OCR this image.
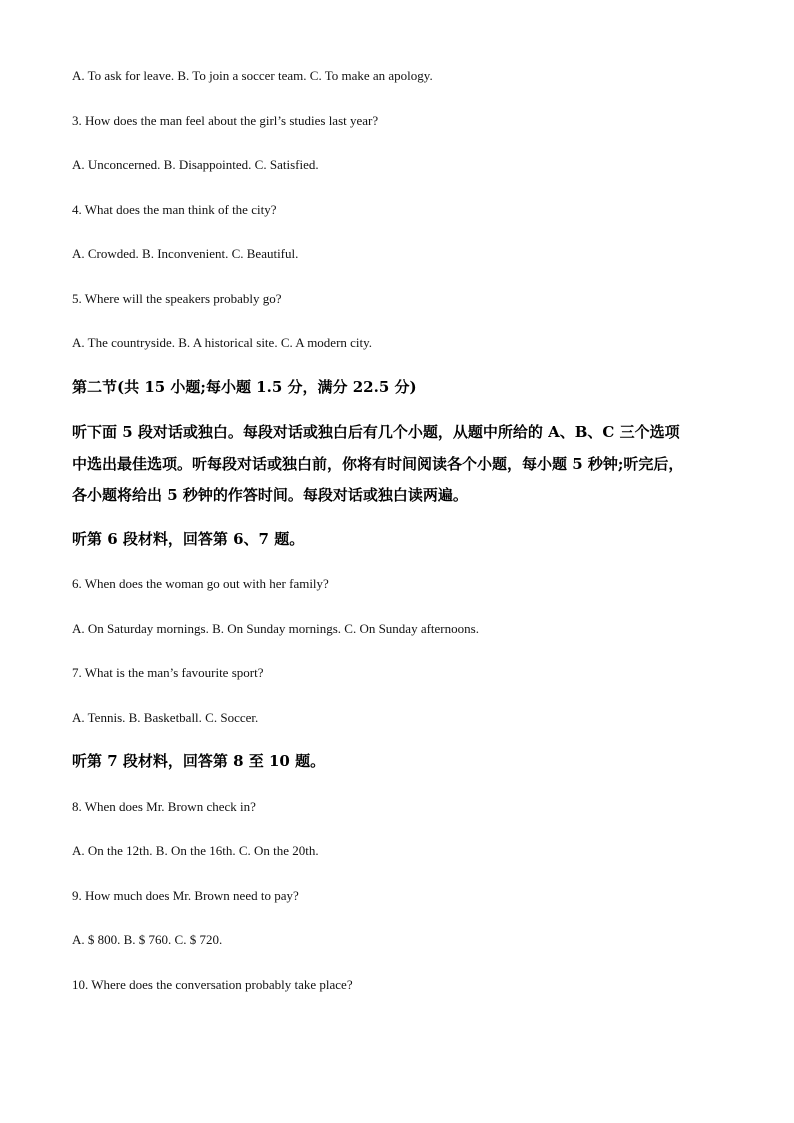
A. To ask for leave. B. To join a soccer team. C. To make an apology.

3. How does the man feel about the girl’s studies last year?

A. Unconcerned. B. Disappointed. C. Satisfied.

4. What does the man think of the city?

A. Crowded. B. Inconvenient. C. Beautiful.

5. Where will the speakers probably go?

A. The countryside. B. A historical site. C. A modern city.

第二节(共 15 小题;每小题 1.5 分，满分 22.5 分)

听下面 5 段对话或独白。每段对话或独白后有几个小题，从题中所给的 A、B、C 三个选项

中选出最佳选项。听每段对话或独白前，你将有时间阅读各个小题，每小题 5 秒钟;听完后，

各小题将给出 5 秒钟的作答时间。每段对话或独白读两遍。

听第 6 段材料，回答第 6、7 题。

6. When does the woman go out with her family?

A. On Saturday mornings. B. On Sunday mornings. C. On Sunday afternoons.

7. What is the man’s favourite sport?

A. Tennis. B. Basketball. C. Soccer.

听第 7 段材料，回答第 8 至 10 题。

8. When does Mr. Brown check in?

A. On the 12th. B. On the 16th. C. On the 20th.

9. How much does Mr. Brown need to pay?

A. $ 800. B. $ 760. C. $ 720.

10. Where does the conversation probably take place?
